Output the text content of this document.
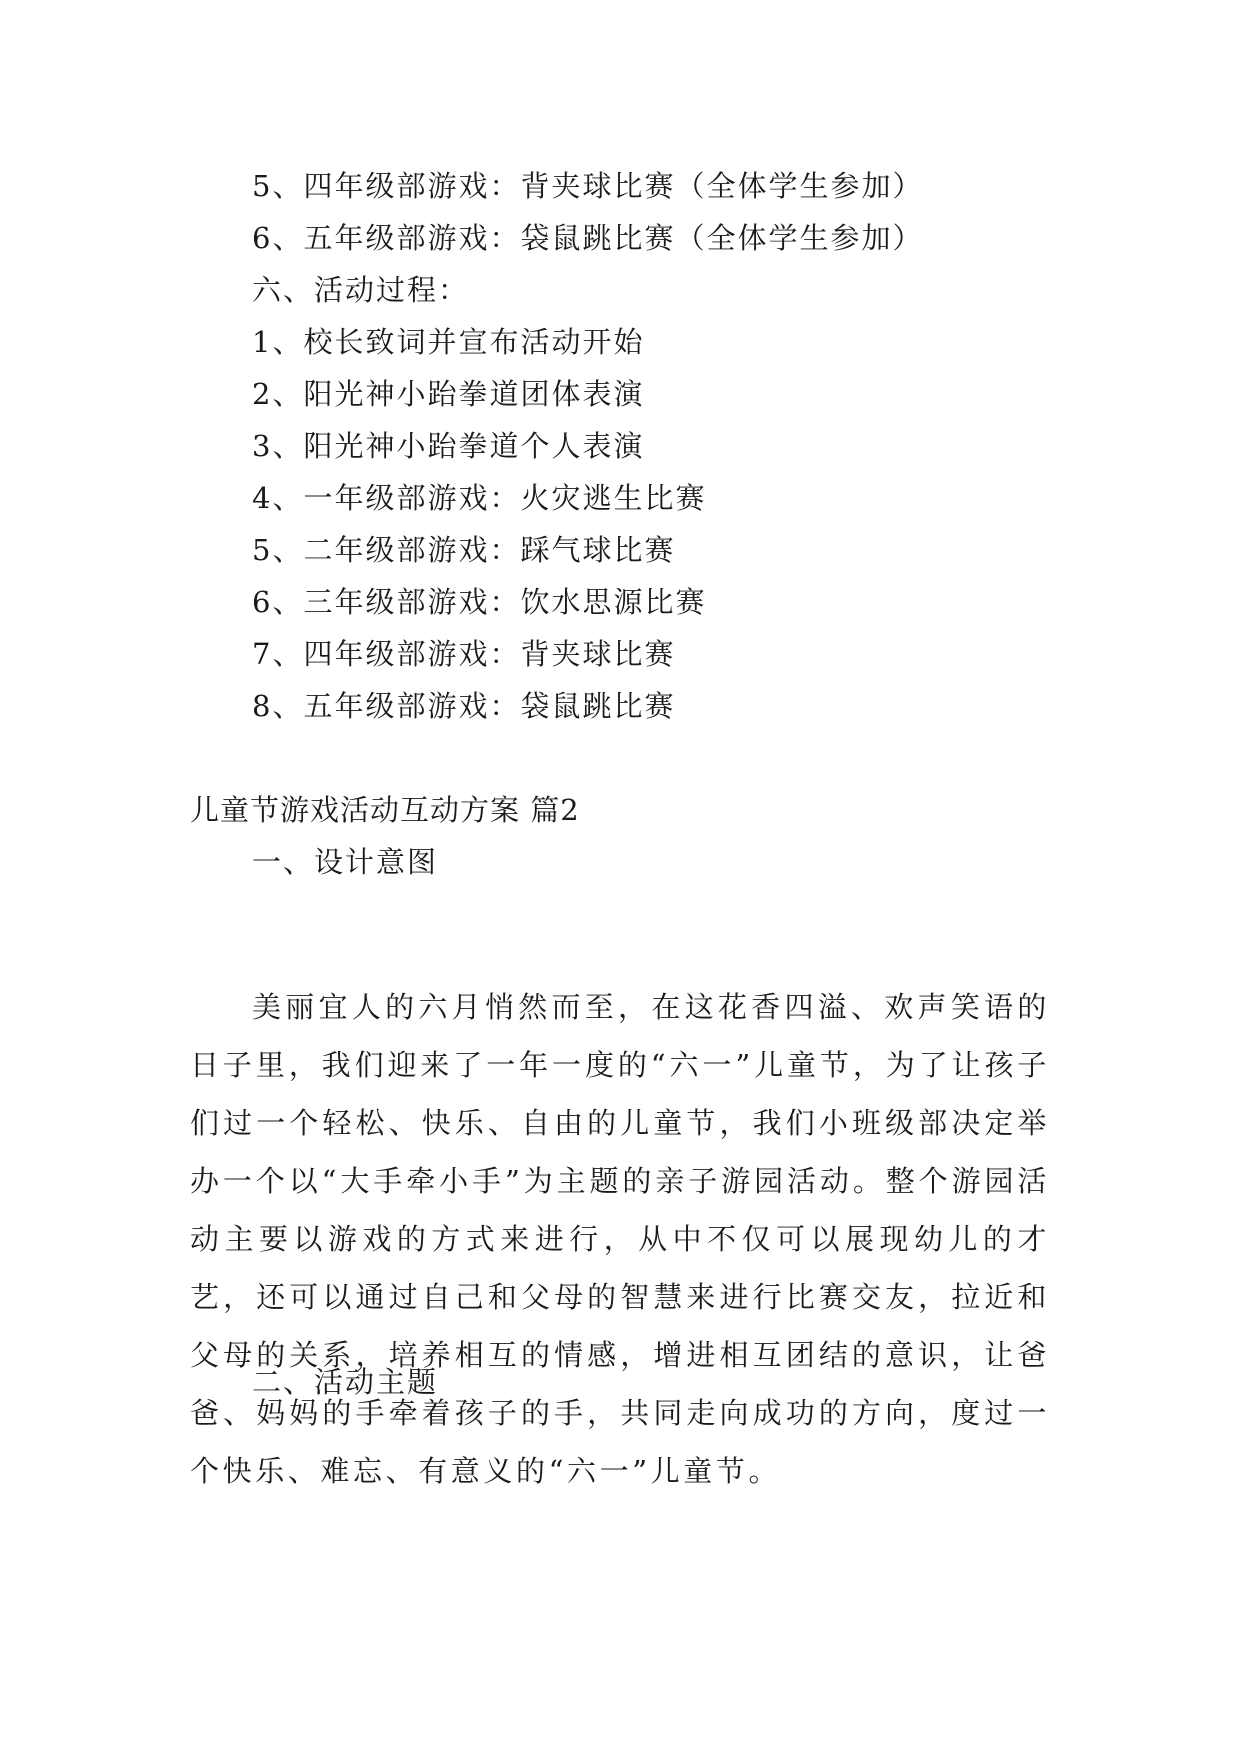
5、四年级部游戏：背夹球比赛（全体学生参加）
6、五年级部游戏：袋鼠跳比赛（全体学生参加）
六、活动过程：
1、校长致词并宣布活动开始
2、阳光神小跆拳道团体表演
3、阳光神小跆拳道个人表演
4、一年级部游戏：火灾逃生比赛
5、二年级部游戏：踩气球比赛
6、三年级部游戏：饮水思源比赛
7、四年级部游戏：背夹球比赛
8、五年级部游戏：袋鼠跳比赛
儿童节游戏活动互动方案 篇2
一、设计意图

美丽宜人的六月悄然而至，在这花香四溢、欢声笑语的日子里，我们迎来了一年一度的“六一”儿童节，为了让孩子们过一个轻松、快乐、自由的儿童节，我们小班级部决定举办一个以“大手牵小手”为主题的亲子游园活动。整个游园活动主要以游戏的方式来进行，从中不仅可以展现幼儿的才艺，还可以通过自己和父母的智慧来进行比赛交友，拉近和父母的关系，培养相互的情感，增进相互团结的意识，让爸爸、妈妈的手牵着孩子的手，共同走向成功的方向，度过一个快乐、难忘、有意义的“六一”儿童节。

二、活动主题
